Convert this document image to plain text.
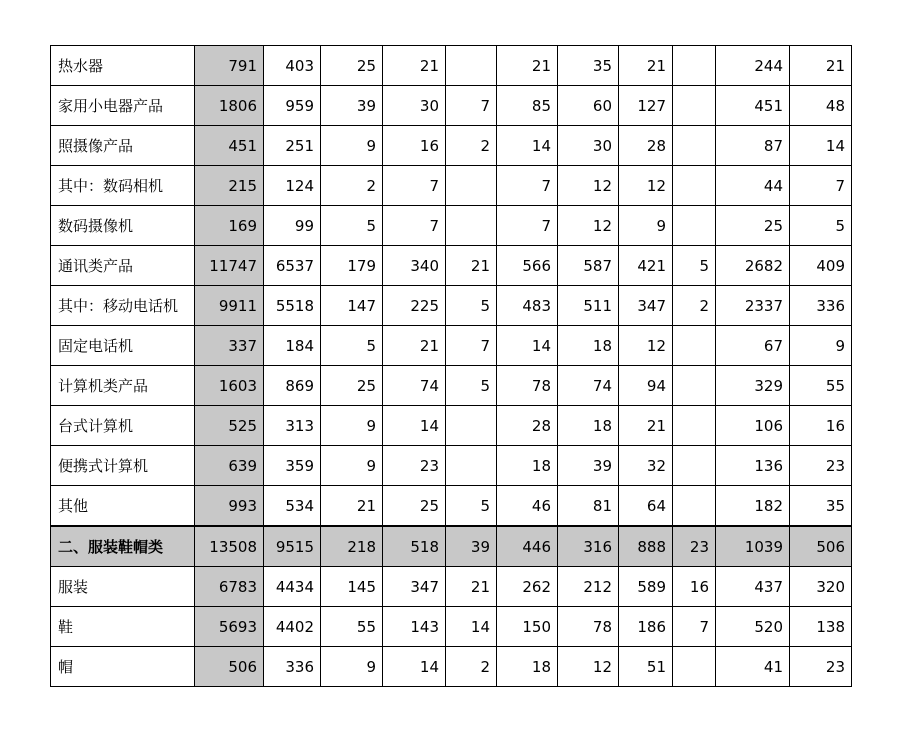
热水器	791	403	25	21		21	35	21		244	21
家用小电器产品	1806	959	39	30	7	85	60	127		451	48
照摄像产品	451	251	9	16	2	14	30	28		87	14
其中：数码相机	215	124	2	7		7	12	12		44	7
数码摄像机	169	99	5	7		7	12	9		25	5
通讯类产品	11747	6537	179	340	21	566	587	421	5	2682	409
其中：移动电话机	9911	5518	147	225	5	483	511	347	2	2337	336
固定电话机	337	184	5	21	7	14	18	12		67	9
计算机类产品	1603	869	25	74	5	78	74	94		329	55
台式计算机	525	313	9	14		28	18	21		106	16
便携式计算机	639	359	9	23		18	39	32		136	23
其他	993	534	21	25	5	46	81	64		182	35
二、服装鞋帽类	13508	9515	218	518	39	446	316	888	23	1039	506
服装	6783	4434	145	347	21	262	212	589	16	437	320
鞋	5693	4402	55	143	14	150	78	186	7	520	138
帽	506	336	9	14	2	18	12	51		41	23
